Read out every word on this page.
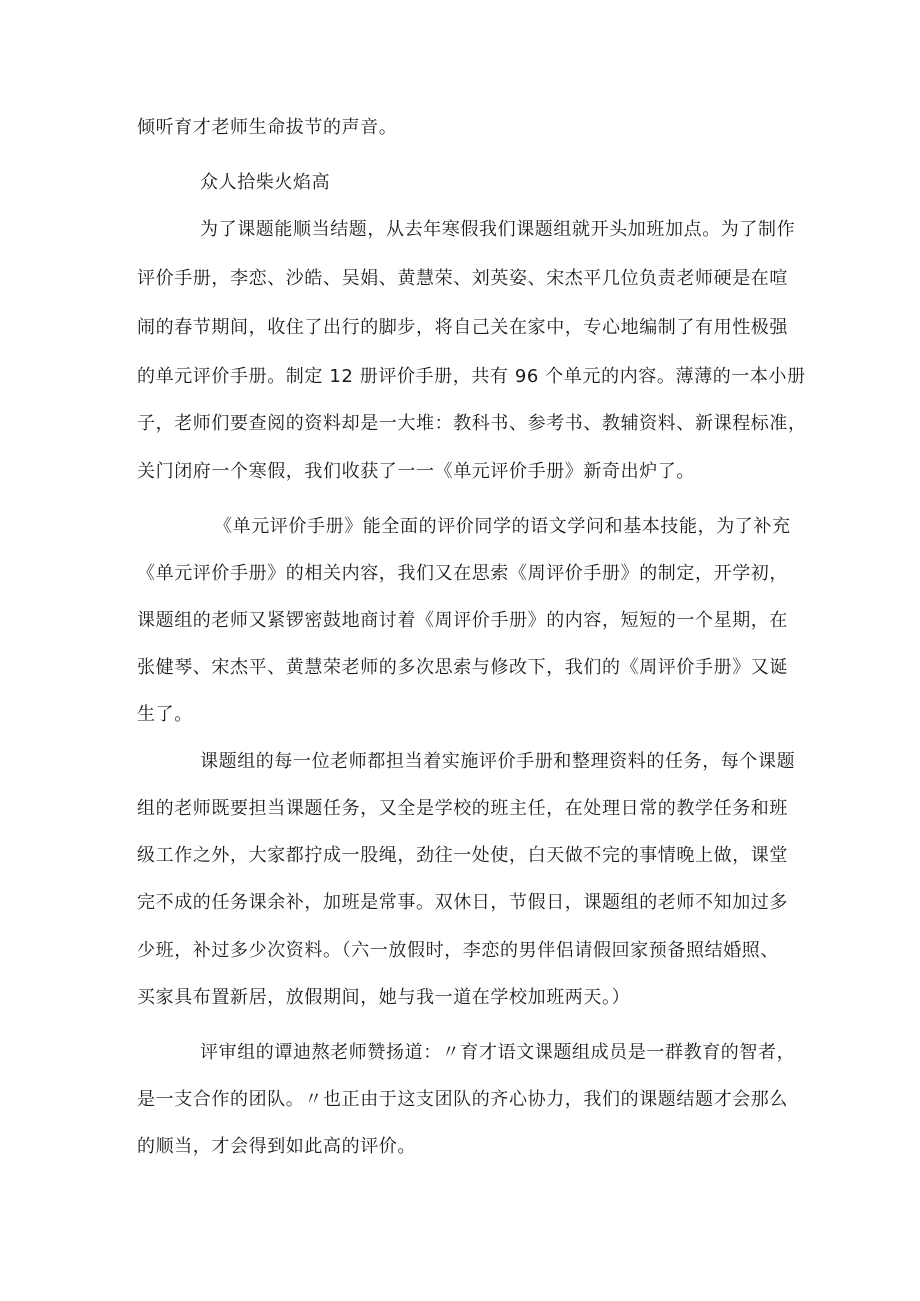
倾听育才老师生命拔节的声音。
众人拾柴火焰高
为了课题能顺当结题，从去年寒假我们课题组就开头加班加点。为了制作
评价手册，李恋、沙皓、吴娟、黄慧荣、刘英姿、宋杰平几位负责老师硬是在喧
闹的春节期间，收住了出行的脚步，将自己关在家中，专心地编制了有用性极强
的单元评价手册。制定 12 册评价手册，共有 96 个单元的内容。薄薄的一本小册
子，老师们要查阅的资料却是一大堆：教科书、参考书、教辅资料、新课程标准，
关门闭府一个寒假，我们收获了一一《单元评价手册》新奇出炉了。
《单元评价手册》能全面的评价同学的语文学问和基本技能，为了补充
《单元评价手册》的相关内容，我们又在思索《周评价手册》的制定，开学初，
课题组的老师又紧锣密鼓地商讨着《周评价手册》的内容，短短的一个星期，在
张健琴、宋杰平、黄慧荣老师的多次思索与修改下，我们的《周评价手册》又诞
生了。
课题组的每一位老师都担当着实施评价手册和整理资料的任务，每个课题
组的老师既要担当课题任务，又全是学校的班主任，在处理日常的教学任务和班
级工作之外，大家都拧成一股绳，劲往一处使，白天做不完的事情晚上做，课堂
完不成的任务课余补，加班是常事。双休日，节假日，课题组的老师不知加过多
少班，补过多少次资料。（六一放假时，李恋的男伴侣请假回家预备照结婚照、
买家具布置新居，放假期间，她与我一道在学校加班两天。）
评审组的谭迪熬老师赞扬道：〃育才语文课题组成员是一群教育的智者，
是一支合作的团队。〃也正由于这支团队的齐心协力，我们的课题结题才会那么
的顺当，才会得到如此高的评价。
